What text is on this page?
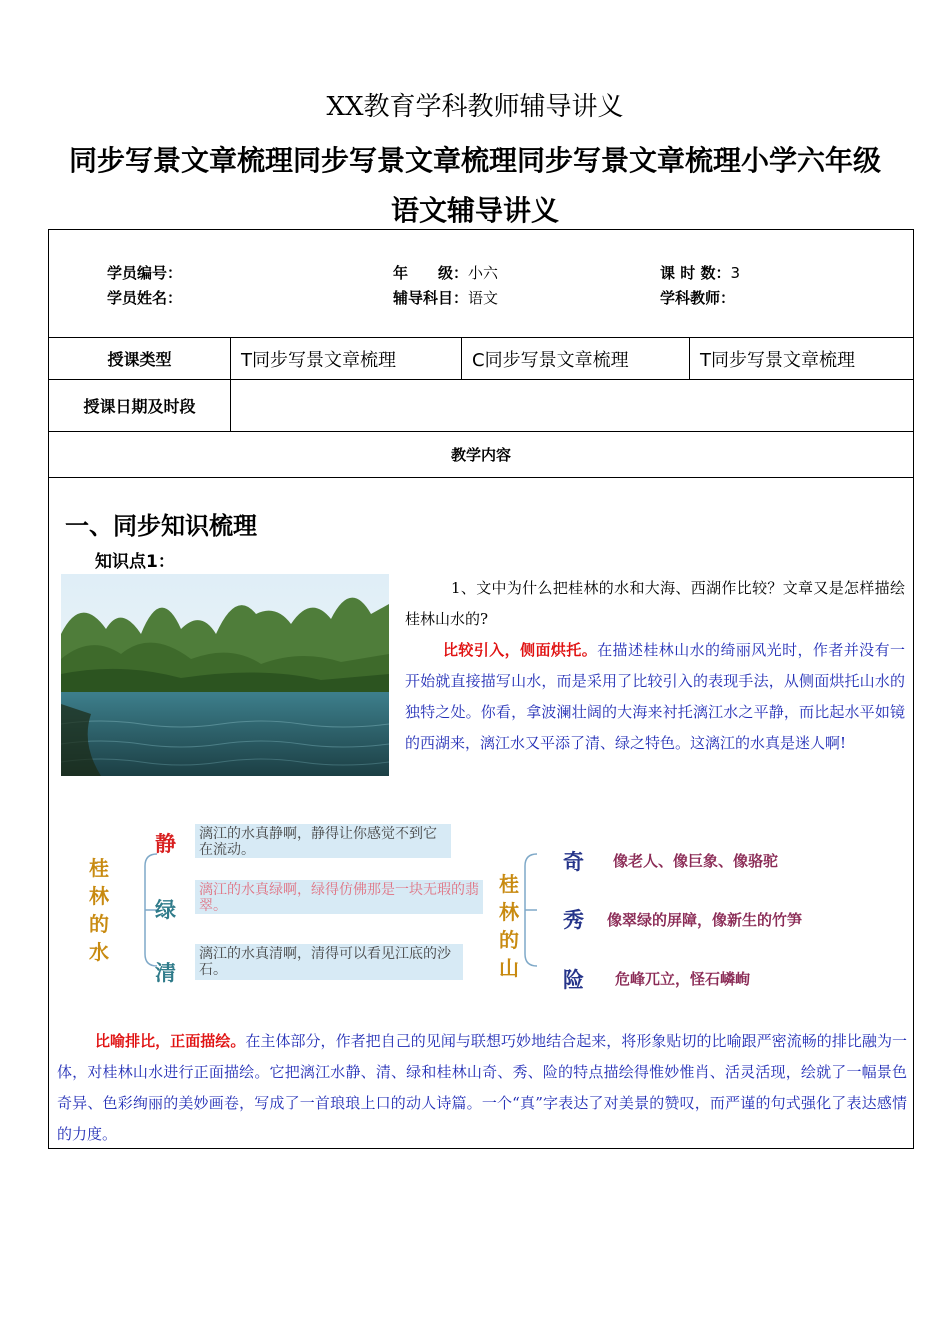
XX教育学科教师辅导讲义
同步写景文章梳理同步写景文章梳理同步写景文章梳理小学六年级语文辅导讲义
学员编号：	年　　级：小六	课 时 数：3
学员姓名：	辅导科目：语文	学科教师：
授课类型	T同步写景文章梳理	C同步写景文章梳理	T同步写景文章梳理
授课日期及时段
教学内容
一、同步知识梳理
知识点1：
1、文中为什么把桂林的水和大海、西湖作比较？文章又是怎样描绘桂林山水的?
比较引入，侧面烘托。在描述桂林山水的绮丽风光时，作者并没有一开始就直接描写山水，而是采用了比较引入的表现手法，从侧面烘托山水的独特之处。你看，拿波澜壮阔的大海来衬托漓江水之平静，而比起水平如镜的西湖来，漓江水又平添了清、绿之特色。这漓江的水真是迷人啊!
桂林的水
静
绿
清
漓江的水真静啊，静得让你感觉不到它在流动。
漓江的水真绿啊，绿得仿佛那是一块无瑕的翡翠。
漓江的水真清啊，清得可以看见江底的沙石。
桂林的山
奇
秀
险
像老人、像巨象、像骆驼
像翠绿的屏障，像新生的竹笋
危峰兀立，怪石嶙峋
比喻排比，正面描绘。在主体部分，作者把自己的见闻与联想巧妙地结合起来，将形象贴切的比喻跟严密流畅的排比融为一体，对桂林山水进行正面描绘。它把漓江水静、清、绿和桂林山奇、秀、险的特点描绘得惟妙惟肖、活灵活现，绘就了一幅景色奇异、色彩绚丽的美妙画卷，写成了一首琅琅上口的动人诗篇。一个“真”字表达了对美景的赞叹，而严谨的句式强化了表达感情的力度。
